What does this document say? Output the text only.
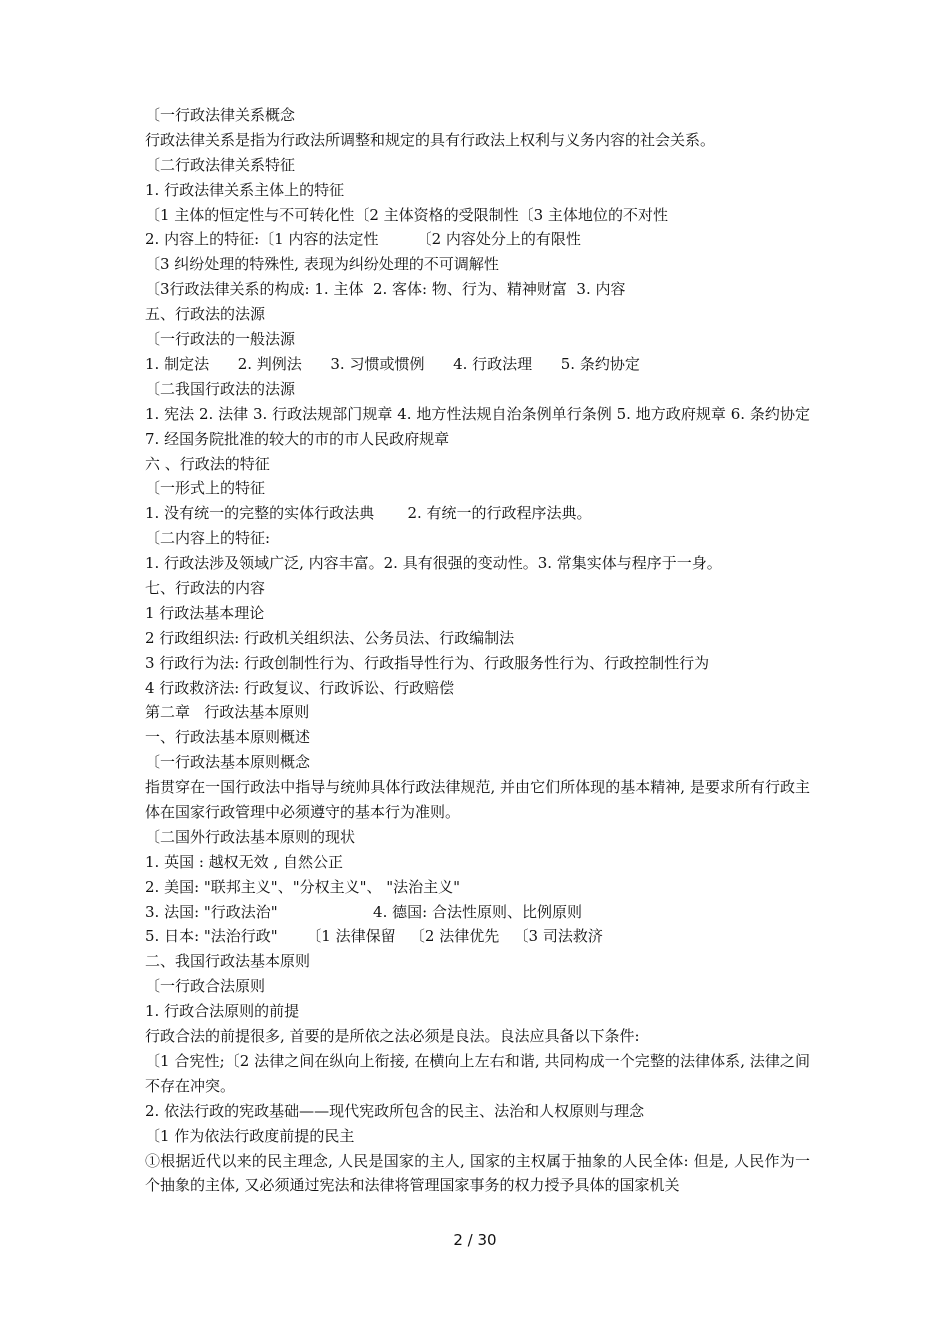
〔一行政法律关系概念
行政法律关系是指为行政法所调整和规定的具有行政法上权利与义务内容的社会关系。
〔二行政法律关系特征
1. 行政法律关系主体上的特征
〔1 主体的恒定性与不可转化性〔2 主体资格的受限制性〔3 主体地位的不对性
2. 内容上的特征:〔1 内容的法定性        〔2 内容处分上的有限性
〔3 纠纷处理的特殊性, 表现为纠纷处理的不可调解性
〔3行政法律关系的构成: 1. 主体  2. 客体: 物、行为、精神财富  3. 内容
五、行政法的法源
〔一行政法的一般法源
1. 制定法      2. 判例法      3. 习惯或惯例      4. 行政法理      5. 条约协定
〔二我国行政法的法源
1. 宪法 2. 法律 3. 行政法规部门规章 4. 地方性法规自治条例单行条例 5. 地方政府规章 6. 条约协定 7. 经国务院批准的较大的市的市人民政府规章
六 、行政法的特征
〔一形式上的特征
1. 没有统一的完整的实体行政法典       2. 有统一的行政程序法典。
〔二内容上的特征:
1. 行政法涉及领域广泛, 内容丰富。2. 具有很强的变动性。3. 常集实体与程序于一身。
七、行政法的内容
1 行政法基本理论
2 行政组织法: 行政机关组织法、公务员法、行政编制法
3 行政行为法: 行政创制性行为、行政指导性行为、行政服务性行为、行政控制性行为
4 行政救济法: 行政复议、行政诉讼、行政赔偿
第二章   行政法基本原则
一、行政法基本原则概述
〔一行政法基本原则概念
指贯穿在一国行政法中指导与统帅具体行政法律规范, 并由它们所体现的基本精神, 是要求所有行政主体在国家行政管理中必须遵守的基本行为准则。
〔二国外行政法基本原则的现状
1. 英国 : 越权无效 , 自然公正
2. 美国: "联邦主义"、"分权主义"、 "法治主义"
3. 法国: "行政法治"                    4. 德国: 合法性原则、比例原则
5. 日本: "法治行政"      〔1 法律保留   〔2 法律优先   〔3 司法救济
二、我国行政法基本原则
〔一行政合法原则
1. 行政合法原则的前提
行政合法的前提很多, 首要的是所依之法必须是良法。良法应具备以下条件:
〔1 合宪性;〔2 法律之间在纵向上衔接, 在横向上左右和谐, 共同构成一个完整的法律体系, 法律之间不存在冲突。
2. 依法行政的宪政基础——现代宪政所包含的民主、法治和人权原则与理念
〔1 作为依法行政度前提的民主
①根据近代以来的民主理念, 人民是国家的主人, 国家的主权属于抽象的人民全体: 但是, 人民作为一个抽象的主体, 又必须通过宪法和法律将管理国家事务的权力授予具体的国家机关
2 / 30
